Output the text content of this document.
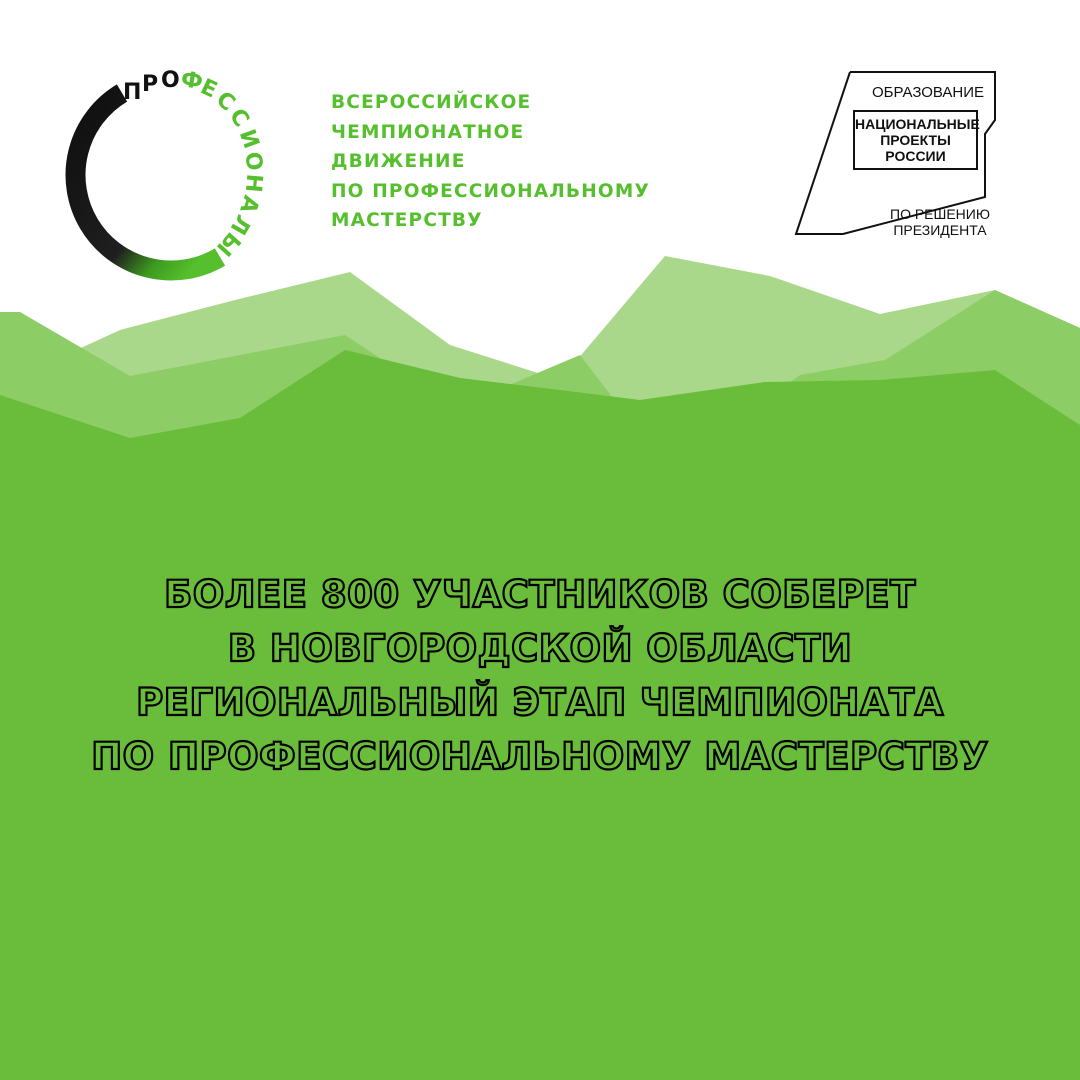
П Р О Ф
Е
С
С
И
О
Н
А
Л
Ы
ВСЕРОССИЙСКОЕ
ЧЕМПИОНАТНОЕ
ДВИЖЕНИЕ
ПО ПРОФЕССИОНАЛЬНОМУ
МАСТЕРСТВУ
ОБРАЗОВАНИЕ
НАЦИОНАЛЬНЫЕ
ПРОЕКТЫ
РОССИИ
ПО РЕШЕНИЮ
ПРЕЗИДЕНТА
БОЛЕЕ 800 УЧАСТНИКОВ СОБЕРЕТ
В НОВГОРОДСКОЙ ОБЛАСТИ
РЕГИОНАЛЬНЫЙ ЭТАП ЧЕМПИОНАТА
ПО ПРОФЕССИОНАЛЬНОМУ МАСТЕРСТВУ
